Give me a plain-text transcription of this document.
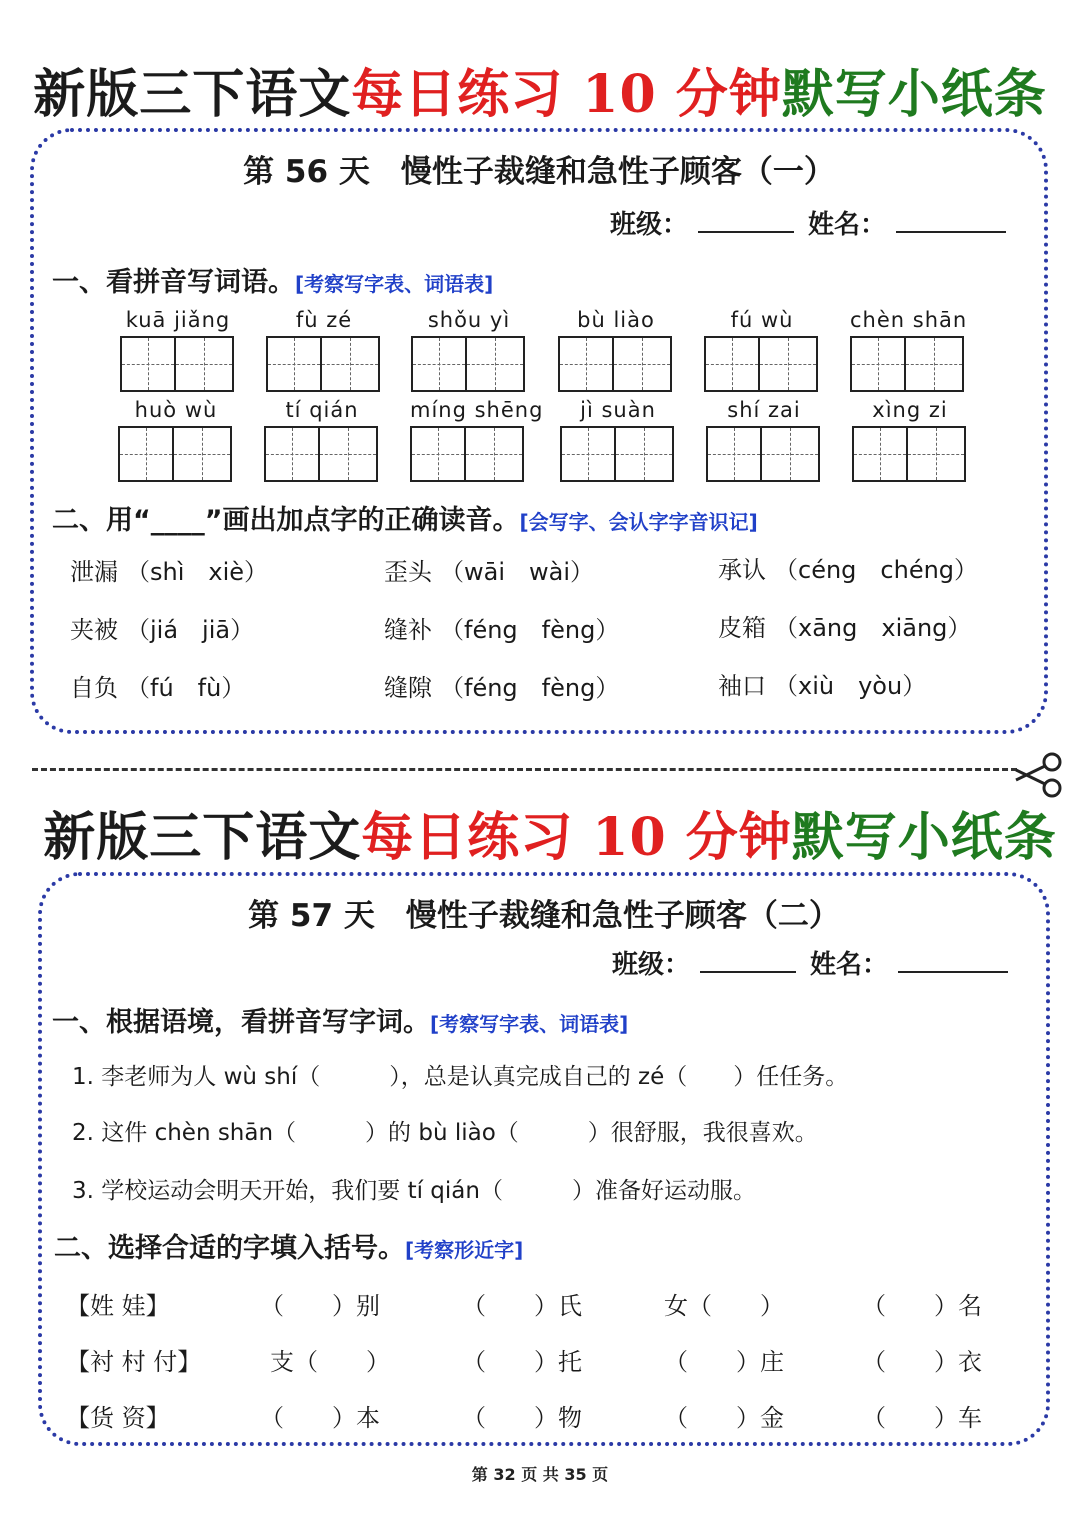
新版三下语文每日练习 10 分钟默写小纸条
第 56 天　慢性子裁缝和急性子顾客（一）
班级：	姓名：
一、看拼音写词语。[考察写字表、词语表]
kuā jiǎng	fù zé	shǒu yì	bù liào	fú wù	chèn shān
huò wù	tí qián	míng shēng	jì suàn	shí zai	xìng zi
二、用“____”画出加点字的正确读音。[会写字、会认字字音识记]
泄漏 （shì xiè）	歪头 （wāi wài）	承认 （céng chéng）
夹被 （jiá jiā）	缝补 （féng fèng）	皮箱 （xāng xiāng）
自负 （fú fù）	缝隙 （féng fèng）	袖口 （xiù yòu）
新版三下语文每日练习 10 分钟默写小纸条
第 57 天　慢性子裁缝和急性子顾客（二）
班级：	姓名：
一、根据语境，看拼音写字词。[考察写字表、词语表]
1. 李老师为人 wù shí（　　　），总是认真完成自己的 zé（　　）任任务。
2. 这件 chèn shān（　　　）的 bù liào（　　　）很舒服，我很喜欢。
3. 学校运动会明天开始，我们要 tí qián（　　　）准备好运动服。
二、选择合适的字填入括号。[考察形近字]
【姓 娃】	（　　）别	（　　）氏	女（　　）	（　　）名
【衬 村 付】	支（　　）	（　　）托	（　　）庄	（　　）衣
【货 资】	（　　）本	（　　）物	（　　）金	（　　）车
第 32 页 共 35 页
